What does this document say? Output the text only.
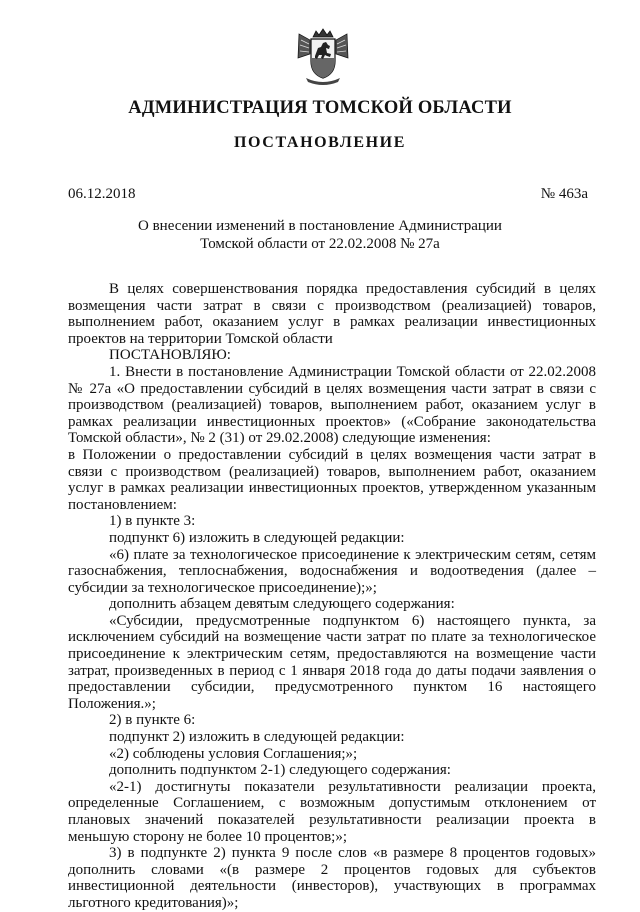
АДМИНИСТРАЦИЯ ТОМСКОЙ ОБЛАСТИ
ПОСТАНОВЛЕНИЕ
06.12.2018	№ 463а
О внесении изменений в постановление Администрации
Томской области от 22.02.2008 № 27а

В целях совершенствования порядка предоставления субсидий в целях возмещения части затрат в связи с производством (реализацией) товаров, выполнением работ, оказанием услуг в рамках реализации инвестиционных проектов на территории Томской области

ПОСТАНОВЛЯЮ:

1. Внести в постановление Администрации Томской области от 22.02.2008 № 27а «О предоставлении субсидий в целях возмещения части затрат в связи с производством (реализацией) товаров, выполнением работ, оказанием услуг в рамках реализации инвестиционных проектов» («Собрание законодательства Томской области», № 2 (31) от 29.02.2008) следующие изменения:

в Положении о предоставлении субсидий в целях возмещения части затрат в связи с производством (реализацией) товаров, выполнением работ, оказанием услуг в рамках реализации инвестиционных проектов, утвержденном указанным постановлением:

1) в пункте 3:

подпункт 6) изложить в следующей редакции:

«6) плате за технологическое присоединение к электрическим сетям, сетям газоснабжения, теплоснабжения, водоснабжения и водоотведения (далее – субсидии за технологическое присоединение);»;

дополнить абзацем девятым следующего содержания:

«Субсидии, предусмотренные подпунктом 6) настоящего пункта, за исключением субсидий на возмещение части затрат по плате за технологическое присоединение к электрическим сетям, предоставляются на возмещение части затрат, произведенных в период с 1 января 2018 года до даты подачи заявления о предоставлении субсидии, предусмотренного пунктом 16 настоящего Положения.»;

2) в пункте 6:

подпункт 2) изложить в следующей редакции:

«2) соблюдены условия Соглашения;»;

дополнить подпунктом 2-1) следующего содержания:

«2-1) достигнуты показатели результативности реализации проекта, определенные Соглашением, с возможным допустимым отклонением от плановых значений показателей результативности реализации проекта в меньшую сторону не более 10 процентов;»;

3) в подпункте 2) пункта 9 после слов «в размере 8 процентов годовых» дополнить словами «(в размере 2 процентов годовых для субъектов инвестиционной деятельности (инвесторов), участвующих в программах льготного кредитования)»;
